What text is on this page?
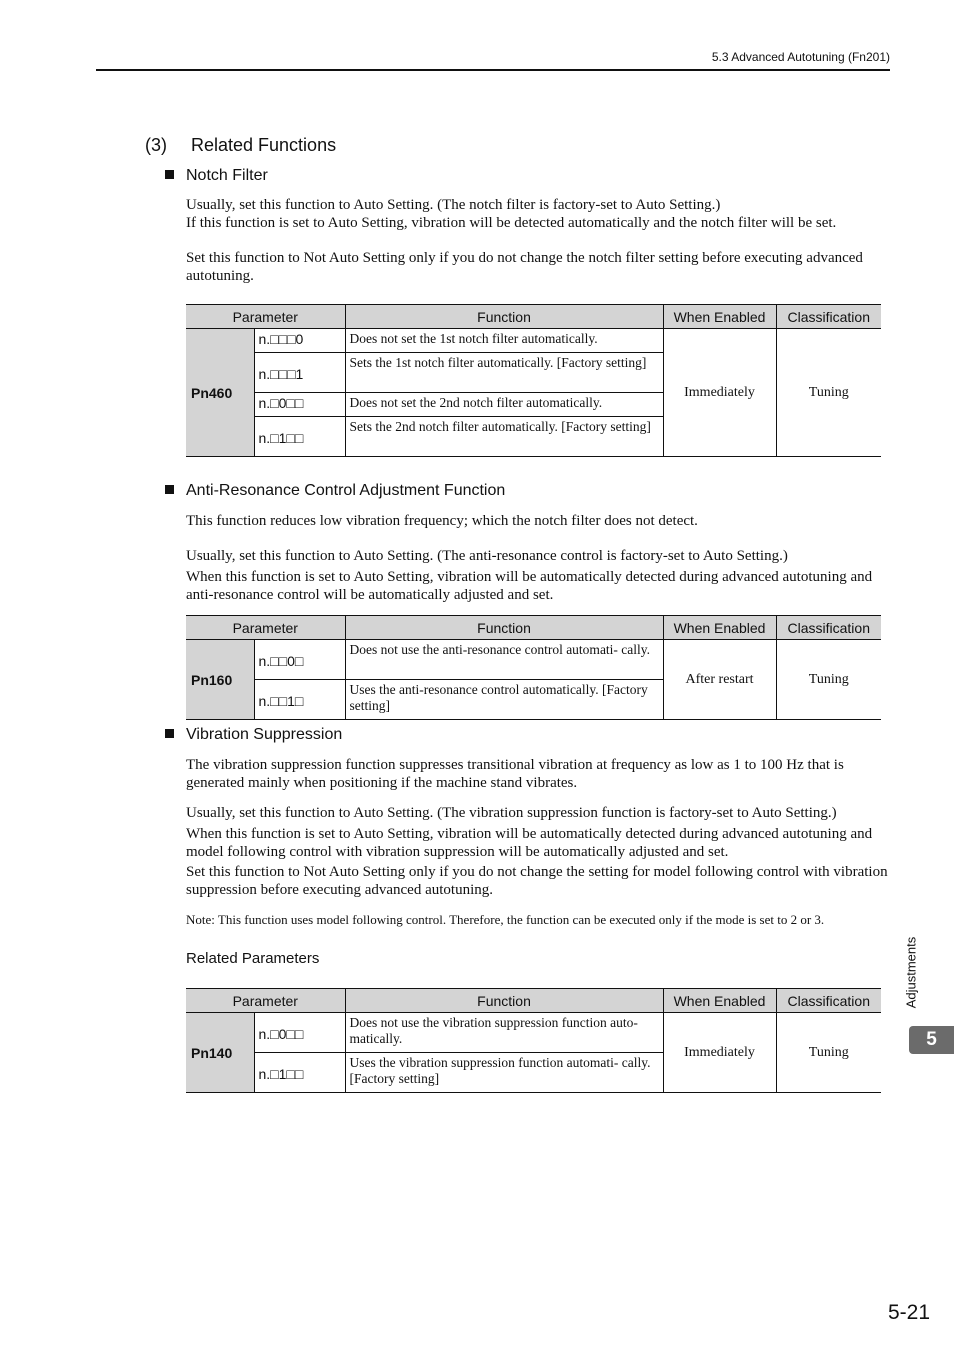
5.3 Advanced Autotuning (Fn201)
(3) Related Functions
Notch Filter
Usually, set this function to Auto Setting. (The notch filter is factory-set to Auto Setting.)
If this function is set to Auto Setting, vibration will be detected automatically and the notch filter will be set.
Set this function to Not Auto Setting only if you do not change the notch filter setting before executing advanced autotuning.
Parameter		Function	When Enabled	Classification
Pn460	n.□□□0	Does not set the 1st notch filter automatically.	Immediately	Tuning
	n.□□□1	Sets the 1st notch filter automatically. [Factory setting]		
	n.□0□□	Does not set the 2nd notch filter automatically.		
	n.□1□□	Sets the 2nd notch filter automatically. [Factory setting]		
Anti-Resonance Control Adjustment Function
This function reduces low vibration frequency; which the notch filter does not detect.
Usually, set this function to Auto Setting. (The anti-resonance control is factory-set to Auto Setting.)
When this function is set to Auto Setting, vibration will be automatically detected during advanced autotuning and anti-resonance control will be automatically adjusted and set.
Parameter		Function	When Enabled	Classification
Pn160	n.□□0□	Does not use the anti-resonance control automati- cally.	After restart	Tuning
	n.□□1□	Uses the anti-resonance control automatically. [Factory setting]		
Vibration Suppression
The vibration suppression function suppresses transitional vibration at frequency as low as 1 to 100 Hz that is generated mainly when positioning if the machine stand vibrates.
Usually, set this function to Auto Setting. (The vibration suppression function is factory-set to Auto Setting.)
When this function is set to Auto Setting, vibration will be automatically detected during advanced autotuning and model following control with vibration suppression will be automatically adjusted and set.
Set this function to Not Auto Setting only if you do not change the setting for model following control with vibration suppression before executing advanced autotuning.
Note: This function uses model following control. Therefore, the function can be executed only if the mode is set to 2 or 3.
Related Parameters
Parameter		Function	When Enabled	Classification
Pn140	n.□0□□	Does not use the vibration suppression function auto- matically.	Immediately	Tuning
	n.□1□□	Uses the vibration suppression function automati- cally. [Factory setting]		
Adjustments
5
5-21
